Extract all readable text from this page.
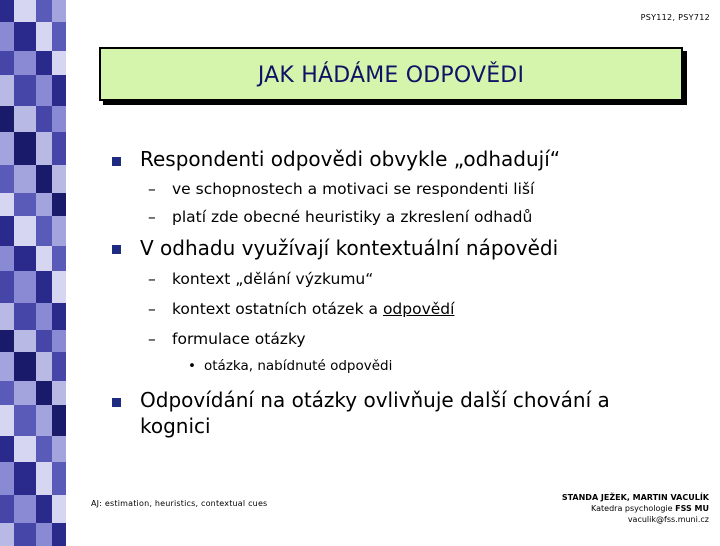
PSY112, PSY712
JAK HÁDÁME ODPOVĚDI
Respondenti odpovědi obvykle „odhadují“
– ve schopnostech a motivaci se respondenti liší
– platí zde obecné heuristiky a zkreslení odhadů
V odhadu využívají kontextuální nápovědi
– kontext „dělání výzkumu“
– kontext ostatních otázek a odpovědí
– formulace otázky
• otázka, nabídnuté odpovědi
Odpovídání na otázky ovlivňuje další chování a
kognici
AJ: estimation, heuristics, contextual cues
STANDA JEŽEK, MARTIN VACULÍK
Katedra psychologie FSS MU
vaculik@fss.muni.cz
